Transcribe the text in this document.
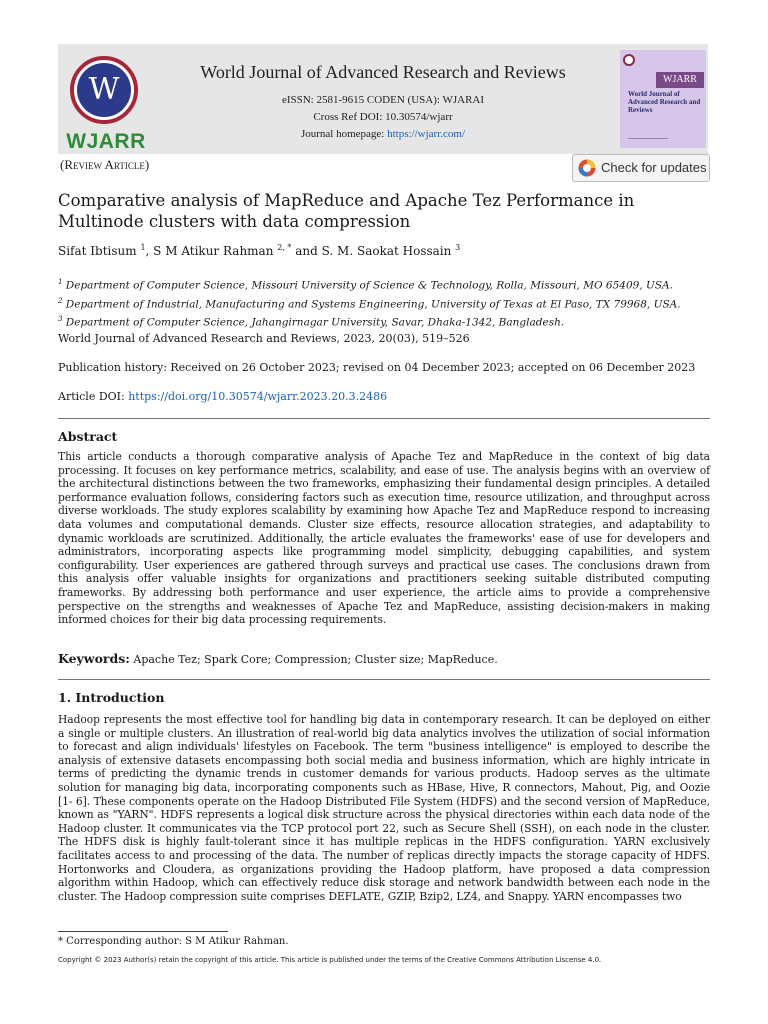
W
WJARR
World Journal of Advanced Research and Reviews
eISSN: 2581-9615 CODEN (USA): WJARAI
Cross Ref DOI: 10.30574/wjarr
Journal homepage: https://wjarr.com/
WJARR
World Journal of Advanced Research and Reviews
(Review Article)	Check for updates
Comparative analysis of MapReduce and Apache Tez Performance in Multinode clusters with data compression
Sifat Ibtisum $^1$, S M Atikur Rahman $^{2, *}$ and S. M. Saokat Hossain $^3$
$^1$ Department of Computer Science, Missouri University of Science & Technology, Rolla, Missouri, MO 65409, USA.
$^2$ Department of Industrial, Manufacturing and Systems Engineering, University of Texas at El Paso, TX 79968, USA.
$^3$ Department of Computer Science, Jahangirnagar University, Savar, Dhaka-1342, Bangladesh.
World Journal of Advanced Research and Reviews, 2023, 20(03), 519–526
Publication history: Received on 26 October 2023; revised on 04 December 2023; accepted on 06 December 2023
Article DOI: https://doi.org/10.30574/wjarr.2023.20.3.2486
Abstract
This article conducts a thorough comparative analysis of Apache Tez and MapReduce in the context of big data processing. It focuses on key performance metrics, scalability, and ease of use. The analysis begins with an overview of the architectural distinctions between the two frameworks, emphasizing their fundamental design principles. A detailed performance evaluation follows, considering factors such as execution time, resource utilization, and throughput across diverse workloads. The study explores scalability by examining how Apache Tez and MapReduce respond to increasing data volumes and computational demands. Cluster size effects, resource allocation strategies, and adaptability to dynamic workloads are scrutinized. Additionally, the article evaluates the frameworks' ease of use for developers and administrators, incorporating aspects like programming model simplicity, debugging capabilities, and system configurability. User experiences are gathered through surveys and practical use cases. The conclusions drawn from this analysis offer valuable insights for organizations and practitioners seeking suitable distributed computing frameworks. By addressing both performance and user experience, the article aims to provide a comprehensive perspective on the strengths and weaknesses of Apache Tez and MapReduce, assisting decision-makers in making informed choices for their big data processing requirements.
Keywords: Apache Tez; Spark Core; Compression; Cluster size; MapReduce.
1. Introduction
Hadoop represents the most effective tool for handling big data in contemporary research. It can be deployed on either a single or multiple clusters. An illustration of real-world big data analytics involves the utilization of social information to forecast and align individuals' lifestyles on Facebook. The term "business intelligence" is employed to describe the analysis of extensive datasets encompassing both social media and business information, which are highly intricate in terms of predicting the dynamic trends in customer demands for various products. Hadoop serves as the ultimate solution for managing big data, incorporating components such as HBase, Hive, R connectors, Mahout, Pig, and Oozie [1- 6]. These components operate on the Hadoop Distributed File System (HDFS) and the second version of MapReduce, known as "YARN". HDFS represents a logical disk structure across the physical directories within each data node of the Hadoop cluster. It communicates via the TCP protocol port 22, such as Secure Shell (SSH), on each node in the cluster. The HDFS disk is highly fault-tolerant since it has multiple replicas in the HDFS configuration. YARN exclusively facilitates access to and processing of the data. The number of replicas directly impacts the storage capacity of HDFS. Hortonworks and Cloudera, as organizations providing the Hadoop platform, have proposed a data compression algorithm within Hadoop, which can effectively reduce disk storage and network bandwidth between each node in the cluster. The Hadoop compression suite comprises DEFLATE, GZIP, Bzip2, LZ4, and Snappy. YARN encompasses two
* Corresponding author: S M Atikur Rahman.
Copyright © 2023 Author(s) retain the copyright of this article. This article is published under the terms of the Creative Commons Attribution Liscense 4.0.
